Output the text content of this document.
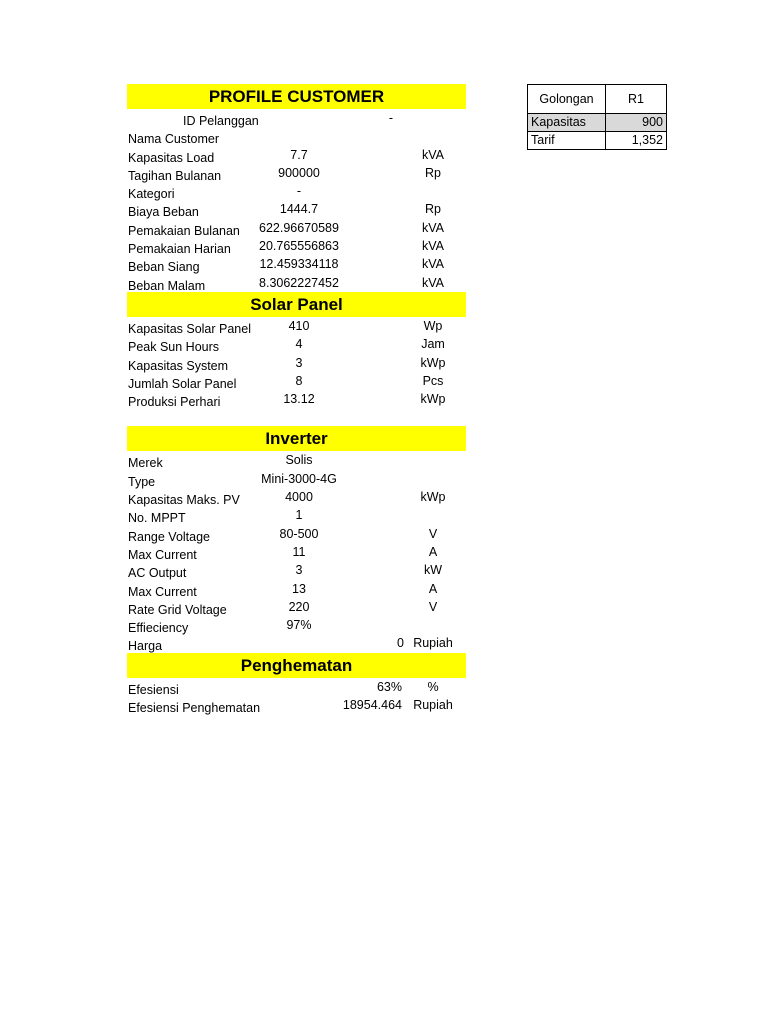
PROFILE CUSTOMER
ID Pelanggan	-
Nama Customer
Kapasitas Load	7.7	kVA
Tagihan Bulanan	900000	Rp
Kategori	-
Biaya Beban	1444.7	Rp
Pemakaian Bulanan	622.96670589	kVA
Pemakaian Harian	20.765556863	kVA
Beban Siang	12.459334118	kVA
Beban Malam	8.3062227452	kVA
Solar Panel
Kapasitas Solar Panel	410	Wp
Peak Sun Hours	4	Jam
Kapasitas System	3	kWp
Jumlah Solar Panel	8	Pcs
Produksi Perhari	13.12	kWp
Inverter
Merek	Solis
Type	Mini-3000-4G
Kapasitas Maks. PV	4000	kWp
No. MPPT	1
Range Voltage	80-500	V
Max Current	11	A
AC Output	3	kW
Max Current	13	A
Rate Grid Voltage	220	V
Effieciency	97%
Harga	0 Rupiah
Penghematan
Efesiensi	63%	%
Efesiensi Penghematan	18954.464 Rupiah
Golongan	R1
Kapasitas	900
Tarif	1,352
